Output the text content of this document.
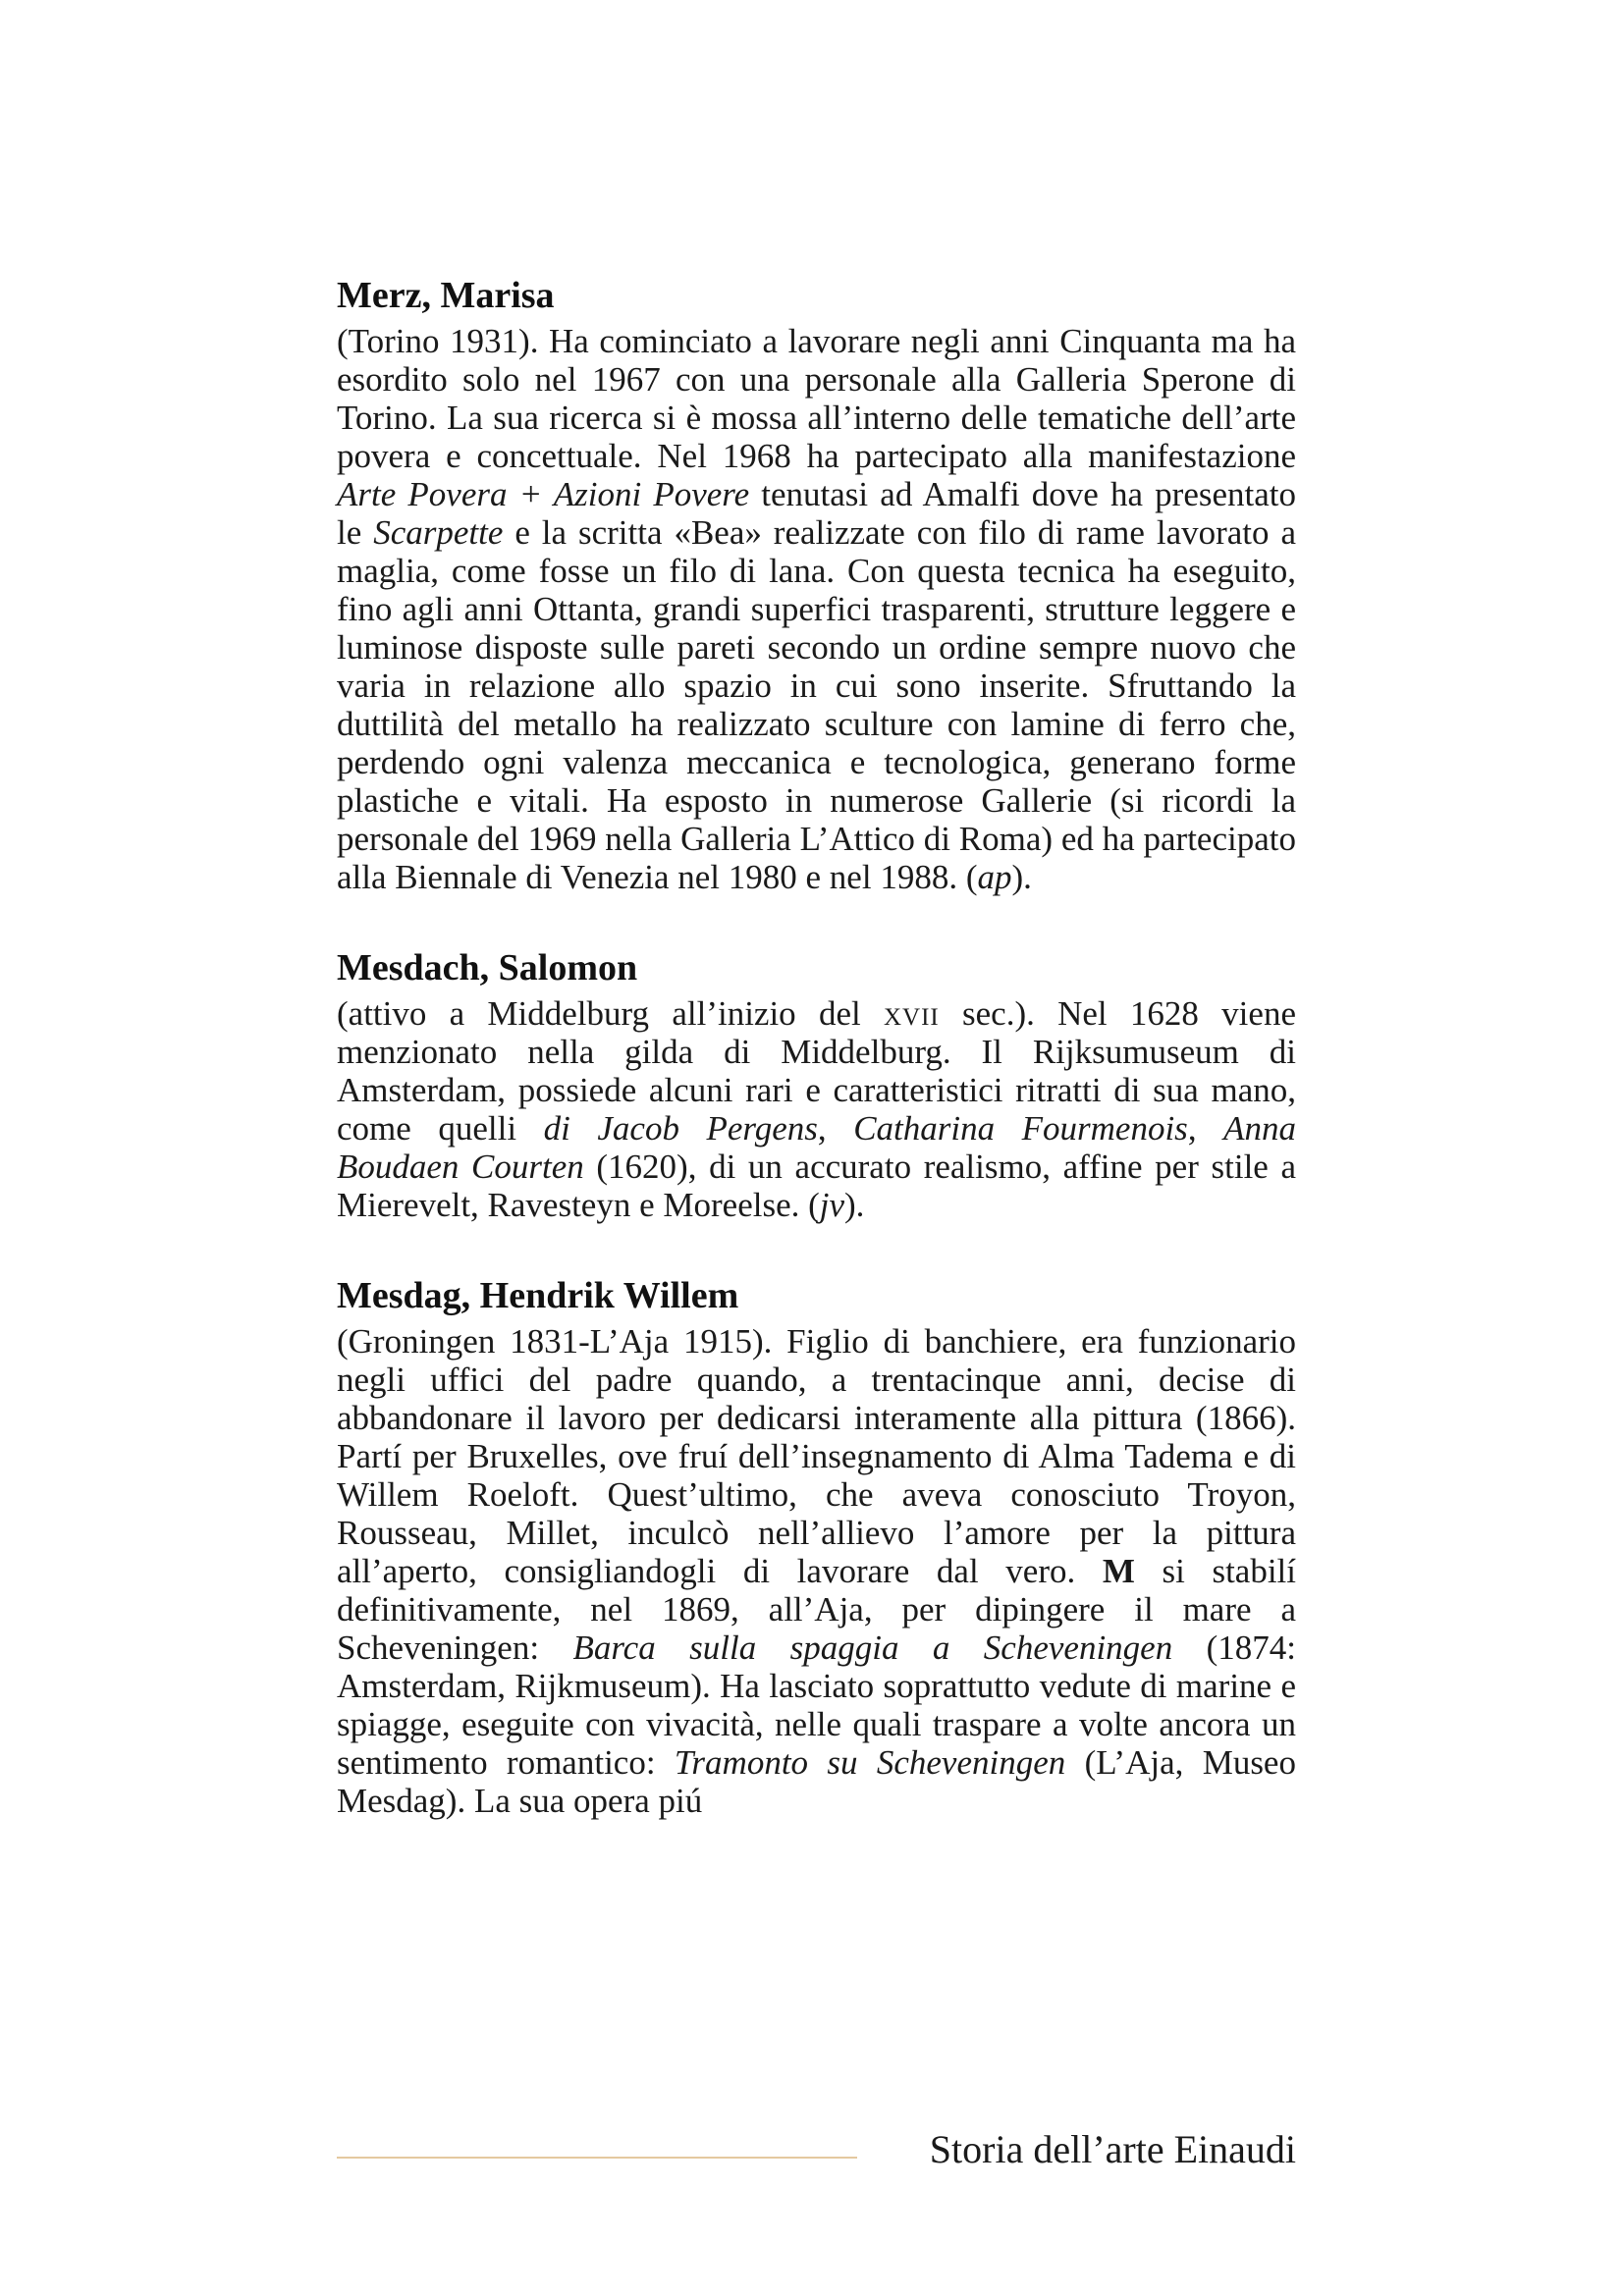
Merz, Marisa

(Torino 1931). Ha cominciato a lavorare negli anni Cinquanta ma ha esordito solo nel 1967 con una personale alla Galleria Sperone di Torino. La sua ricerca si è mossa all’interno delle tematiche dell’arte povera e concettuale. Nel 1968 ha partecipato alla manifestazione Arte Povera + Azioni Povere tenutasi ad Amalfi dove ha presentato le Scarpette e la scritta «Bea» realizzate con filo di rame lavorato a maglia, come fosse un filo di lana. Con questa tecnica ha eseguito, fino agli anni Ottanta, grandi superfici trasparenti, strutture leggere e luminose disposte sulle pareti secondo un ordine sempre nuovo che varia in relazione allo spazio in cui sono inserite. Sfruttando la duttilità del metallo ha realizzato sculture con lamine di ferro che, perdendo ogni valenza meccanica e tecnologica, generano forme plastiche e vitali. Ha esposto in numerose Gallerie (si ricordi la personale del 1969 nella Galleria L’Attico di Roma) ed ha partecipato alla Biennale di Venezia nel 1980 e nel 1988. (ap).

Mesdach, Salomon

(attivo a Middelburg all’inizio del xvii sec.). Nel 1628 viene menzionato nella gilda di Middelburg. Il Rijksumuseum di Amsterdam, possiede alcuni rari e caratteristici ritratti di sua mano, come quelli di Jacob Pergens, Catharina Fourmenois, Anna Boudaen Courten (1620), di un accurato realismo, affine per stile a Mierevelt, Ravesteyn e Moreelse. (jv).

Mesdag, Hendrik Willem

(Groningen 1831-L’Aja 1915). Figlio di banchiere, era funzionario negli uffici del padre quando, a trentacinque anni, decise di abbandonare il lavoro per dedicarsi interamente alla pittura (1866). Partí per Bruxelles, ove fruí dell’insegnamento di Alma Tadema e di Willem Roeloft. Quest’ultimo, che aveva conosciuto Troyon, Rousseau, Millet, inculcò nell’allievo l’amore per la pittura all’aperto, consigliandogli di lavorare dal vero. M si stabilí definitivamente, nel 1869, all’Aja, per dipingere il mare a Scheveningen: Barca sulla spaggia a Scheveningen (1874: Amsterdam, Rijkmuseum). Ha lasciato soprattutto vedute di marine e spiagge, eseguite con vivacità, nelle quali traspare a volte ancora un sentimento romantico: Tramonto su Scheveningen (L’Aja, Museo Mesdag). La sua opera piú

Storia dell’arte Einaudi
